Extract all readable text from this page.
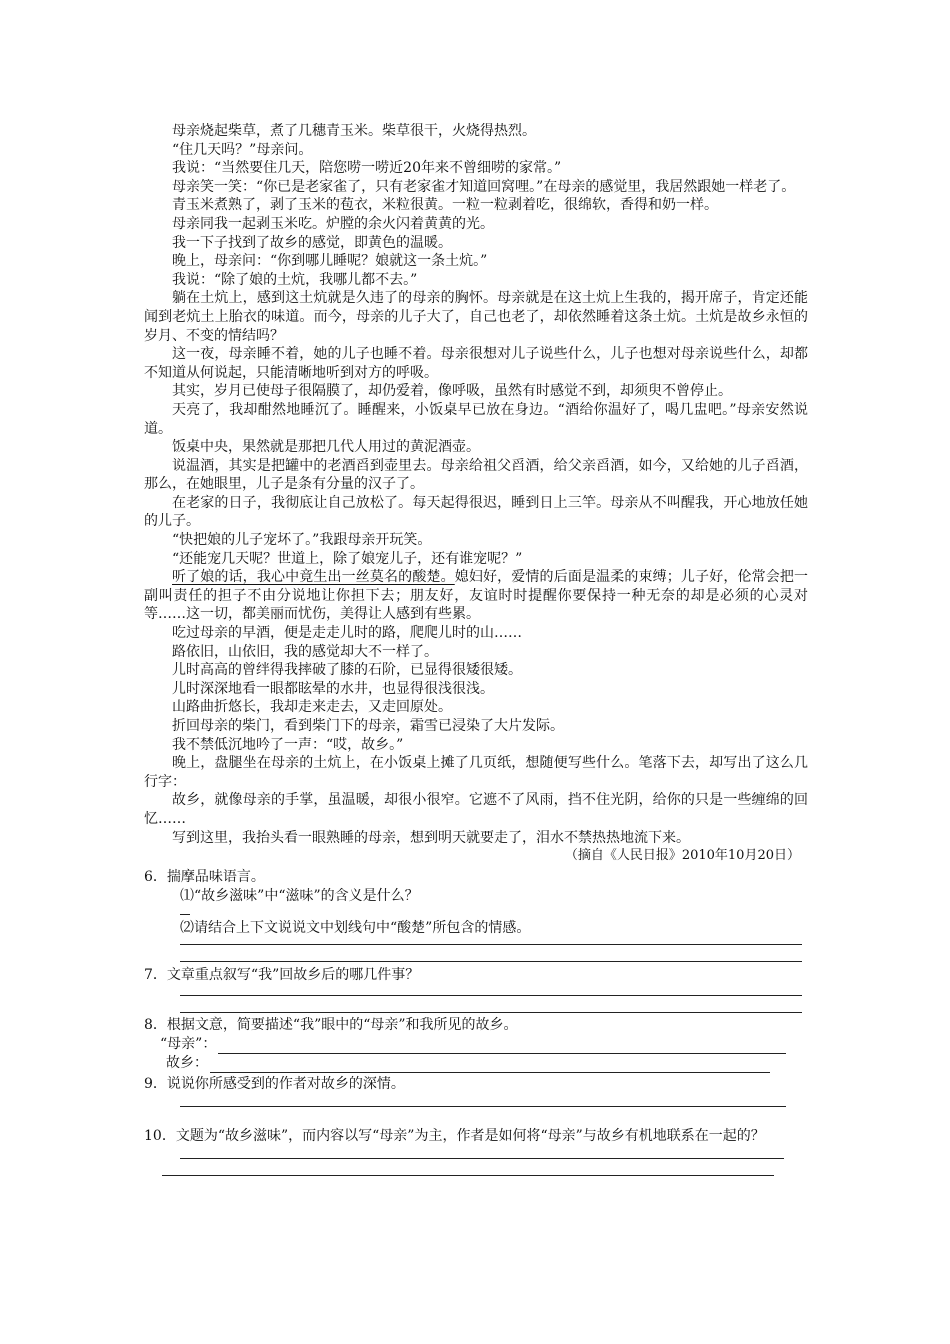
母亲烧起柴草，煮了几穗青玉米。柴草很干，火烧得热烈。

“住几天吗？”母亲问。

我说：“当然要住几天，陪您唠一唠近20年来不曾细唠的家常。”

母亲笑一笑：“你已是老家雀了，只有老家雀才知道回窝哩。”在母亲的感觉里，我居然跟她一样老了。

青玉米煮熟了，剥了玉米的苞衣，米粒很黄。一粒一粒剥着吃，很绵软，香得和奶一样。

母亲同我一起剥玉米吃。炉膛的余火闪着黄黄的光。

我一下子找到了故乡的感觉，即黄色的温暖。

晚上，母亲问：“你到哪儿睡呢？娘就这一条土炕。”

我说：“除了娘的土炕，我哪儿都不去。”

躺在土炕上，感到这土炕就是久违了的母亲的胸怀。母亲就是在这土炕上生我的，揭开席子，肯定还能闻到老炕土上胎衣的味道。而今，母亲的儿子大了，自己也老了，却依然睡着这条土炕。土炕是故乡永恒的岁月、不变的情结吗？

这一夜，母亲睡不着，她的儿子也睡不着。母亲很想对儿子说些什么，儿子也想对母亲说些什么，却都不知道从何说起，只能清晰地听到对方的呼吸。

其实，岁月已使母子很隔膜了，却仍爱着，像呼吸，虽然有时感觉不到，却须臾不曾停止。

天亮了，我却酣然地睡沉了。睡醒来，小饭桌早已放在身边。“酒给你温好了，喝几盅吧。”母亲安然说道。

饭桌中央，果然就是那把几代人用过的黄泥酒壶。

说温酒，其实是把罐中的老酒舀到壶里去。母亲给祖父舀酒，给父亲舀酒，如今，又给她的儿子舀酒，那么，在她眼里，儿子是条有分量的汉子了。

在老家的日子，我彻底让自己放松了。每天起得很迟，睡到日上三竿。母亲从不叫醒我，开心地放任她的儿子。

“快把娘的儿子宠坏了。”我跟母亲开玩笑。

“还能宠几天呢？世道上，除了娘宠儿子，还有谁宠呢？”

听了娘的话，我心中竟生出一丝莫名的酸楚。媳妇好，爱情的后面是温柔的束缚；儿子好，伦常会把一副叫责任的担子不由分说地让你担下去；朋友好，友谊时时提醒你要保持一种无奈的却是必须的心灵对等……这一切，都美丽而忧伤，美得让人感到有些累。

吃过母亲的早酒，便是走走儿时的路，爬爬儿时的山……

路依旧，山依旧，我的感觉却大不一样了。

儿时高高的曾绊得我摔破了膝的石阶，已显得很矮很矮。

儿时深深地看一眼都眩晕的水井，也显得很浅很浅。

山路曲折悠长，我却走来走去，又走回原处。

折回母亲的柴门，看到柴门下的母亲，霜雪已浸染了大片发际。

我不禁低沉地吟了一声：“哎，故乡。”

晚上，盘腿坐在母亲的土炕上，在小饭桌上摊了几页纸，想随便写些什么。笔落下去，却写出了这么几行字：

故乡，就像母亲的手掌，虽温暖，却很小很窄。它遮不了风雨，挡不住光阴，给你的只是一些缠绵的回忆……

写到这里，我抬头看一眼熟睡的母亲，想到明天就要走了，泪水不禁热热地流下来。

（摘自《人民日报》2010年10月20日）

6．揣摩品味语言。

⑴“故乡滋味”中“滋味”的含义是什么？

⑵请结合上下文说说文中划线句中“酸楚”所包含的情感。

7．文章重点叙写“我”回故乡后的哪几件事？

8．根据文意，简要描述“我”眼中的“母亲”和我所见的故乡。

“母亲”：
故乡：

9．说说你所感受到的作者对故乡的深情。

10．文题为“故乡滋味”，而内容以写“母亲”为主，作者是如何将“母亲”与故乡有机地联系在一起的？
